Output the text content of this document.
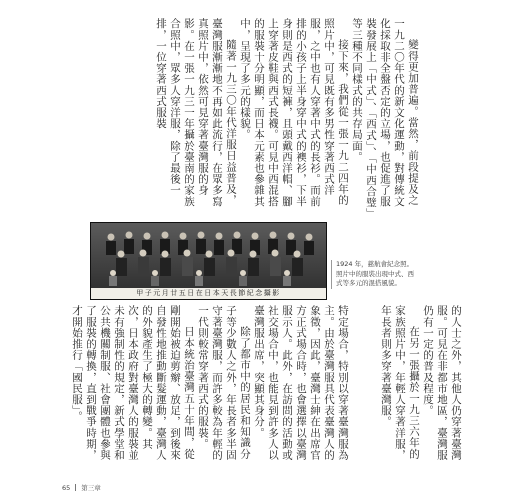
變得更加普遍。當然，前段提及之一九二〇年代的新文化運動，對傳統文化採取非全盤否定的立場，也促進了服裝發展上「中式」、「西式」、「中西合璧」等三種不同樣式的共存局面。

接下來，我們從一張一九二四年的照片中，可見既有多男性穿著西式洋服，之中也有人穿著中式的長衫。而前排的小孩子上半身穿中式的襖衫，下半身則是西式的短褲，且頭戴西洋帽、腳上穿著皮鞋與西式長襪。可見中西混搭的服裝十分明顯，而日本元素也參雜其中，呈現了多元的樣貌。

隨著一九三〇年代洋服日益普及，臺灣服漸漸地不再如此流行，在眾多寫真照片中，依然可見穿著臺灣服的身影。在一張一九三一年攝於臺南的家族合照中，眾多人穿洋服，除了最後一排，一位穿著西式服裝

甲子元月廿五日在日本天長節紀念攝影
1924 年，慈航會紀念照。照片中的服裝出現中式、西式等多元的混搭風貌。

特定場合，特別以穿著臺灣服為主。由於臺灣服具代表臺灣人的象徵，因此，臺灣士紳在出席官方正式場合時，也會選擇以臺灣服示人。此外，在訪問的活動或社交場合中，也能見到許多人以臺灣服出席，突顯其身分。

除了都市中的居民和知識分子等少數人之外，年長者多半固守著臺灣服，而許多較為年輕的一代則較常穿著西式的服裝。

日本統治臺灣五十年間，從剛開始被迫剪辮、放足，到後來自發性地推動斷髮運動，臺灣人的外貌產生了極大的轉變。其次，日本政府對臺灣人的服裝並未有強制性的規定，新式學堂和公共機關制服、社會團體也參與了服裝的轉換，直到戰爭時期，才開始推行「國民服」。	的人士之外，其他人仍穿著臺灣服。可見在非都市地區，臺灣服仍有一定的普及程度。

在另一張攝於一九三六年的家族照片中，年輕人穿著洋服，年長者則多穿著臺灣服。

65 第三章
